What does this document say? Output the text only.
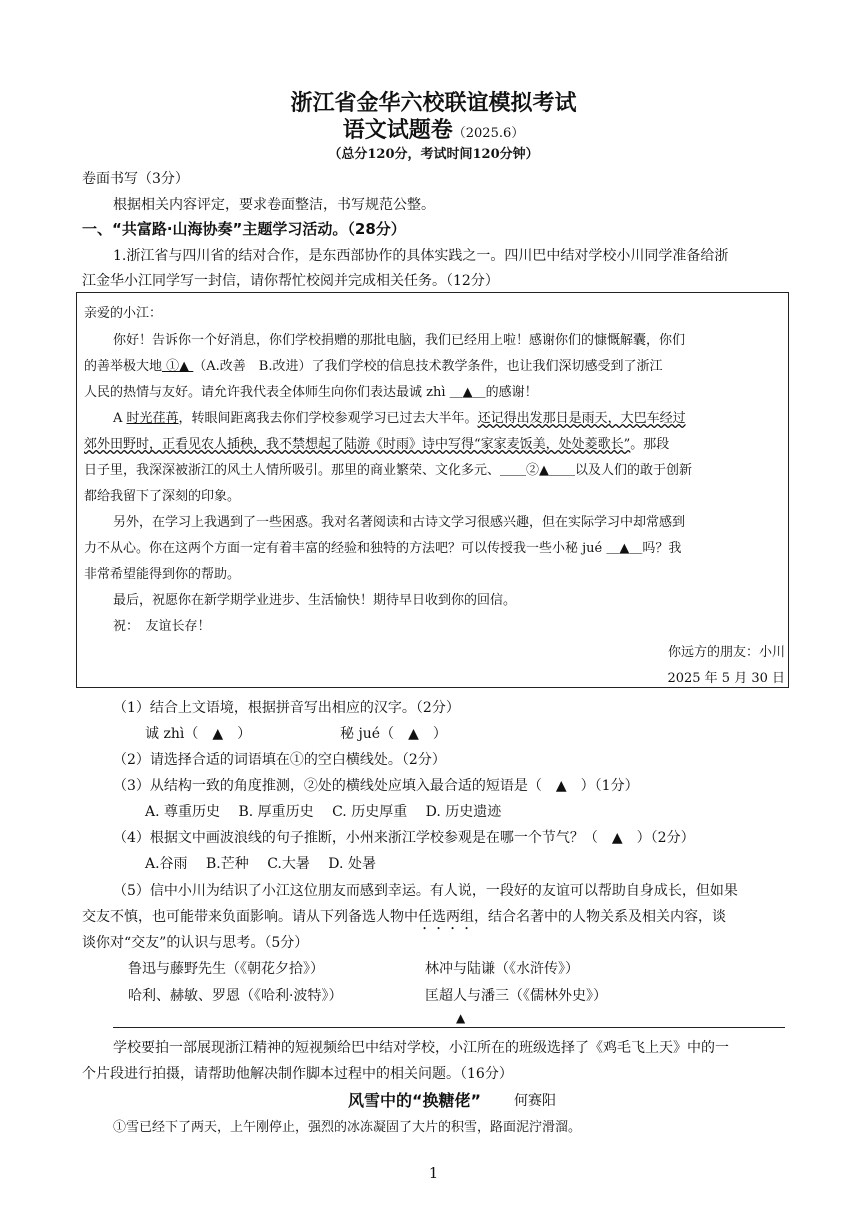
浙江省金华六校联谊模拟考试
语文试题卷（2025.6）
（总分120分，考试时间120分钟）
卷面书写（3分）
根据相关内容评定，要求卷面整洁，书写规范公整。
一、“共富路·山海协奏”主题学习活动。（28分）
1.浙江省与四川省的结对合作，是东西部协作的具体实践之一。四川巴中结对学校小川同学准备给浙
江金华小江同学写一封信，请你帮忙校阅并完成相关任务。（12分）
亲爱的小江：
你好！告诉你一个好消息，你们学校捐赠的那批电脑，我们已经用上啦！感谢你们的慷慨解囊，你们
的善举极大地 ①▲ （A.改善　B.改进）了我们学校的信息技术教学条件，也让我们深切感受到了浙江
人民的热情与友好。请允许我代表全体师生向你们表达最诚 zhì ＿▲＿的感谢！
A 时光荏苒，转眼间距离我去你们学校参观学习已过去大半年。还记得出发那日是雨天，大巴车经过
郊外田野时，正看见农人插秧，我不禁想起了陆游《时雨》诗中写得“家家麦饭美，处处菱歌长”。那段
日子里，我深深被浙江的风土人情所吸引。那里的商业繁荣、文化多元、＿＿②▲＿＿以及人们的敢于创新
都给我留下了深刻的印象。
另外，在学习上我遇到了一些困惑。我对名著阅读和古诗文学习很感兴趣，但在实际学习中却常感到
力不从心。你在这两个方面一定有着丰富的经验和独特的方法吧？可以传授我一些小秘 jué ＿▲＿吗？我
非常希望能得到你的帮助。
最后，祝愿你在新学期学业进步、生活愉快！期待早日收到你的回信。
祝：　友谊长存！
你远方的朋友：小川
2025 年 5 月 30 日
（1）结合上文语境，根据拼音写出相应的汉字。（2分）
诚 zhì（　▲　）	秘 jué（　▲　）
（2）请选择合适的词语填在①的空白横线处。（2分）
（3）从结构一致的角度推测，②处的横线处应填入最合适的短语是（　▲　）（1分）
A. 尊重历史　 B. 厚重历史　 C. 历史厚重　 D. 历史遗迹
（4）根据文中画波浪线的句子推断，小州来浙江学校参观是在哪一个节气？（　▲　）（2分）
A.谷雨　 B.芒种　 C.大暑　 D. 处暑
（5）信中小川为结识了小江这位朋友而感到幸运。有人说，一段好的友谊可以帮助自身成长，但如果
交友不慎，也可能带来负面影响。请从下列备选人物中任选两组，结合名著中的人物关系及相关内容，谈
谈你对“交友”的认识与思考。（5分）
鲁迅与藤野先生（《朝花夕拾》）	林冲与陆谦（《水浒传》）
哈利、赫敏、罗恩（《哈利·波特》）	匡超人与潘三（《儒林外史》）
▲
学校要拍一部展现浙江精神的短视频给巴中结对学校，小江所在的班级选择了《鸡毛飞上天》中的一
个片段进行拍摄，请帮助他解决制作脚本过程中的相关问题。（16分）
风雪中的“换糖佬” 何赛阳
①雪已经下了两天，上午刚停止，强烈的冰冻凝固了大片的积雪，路面泥泞滑溜。
1
